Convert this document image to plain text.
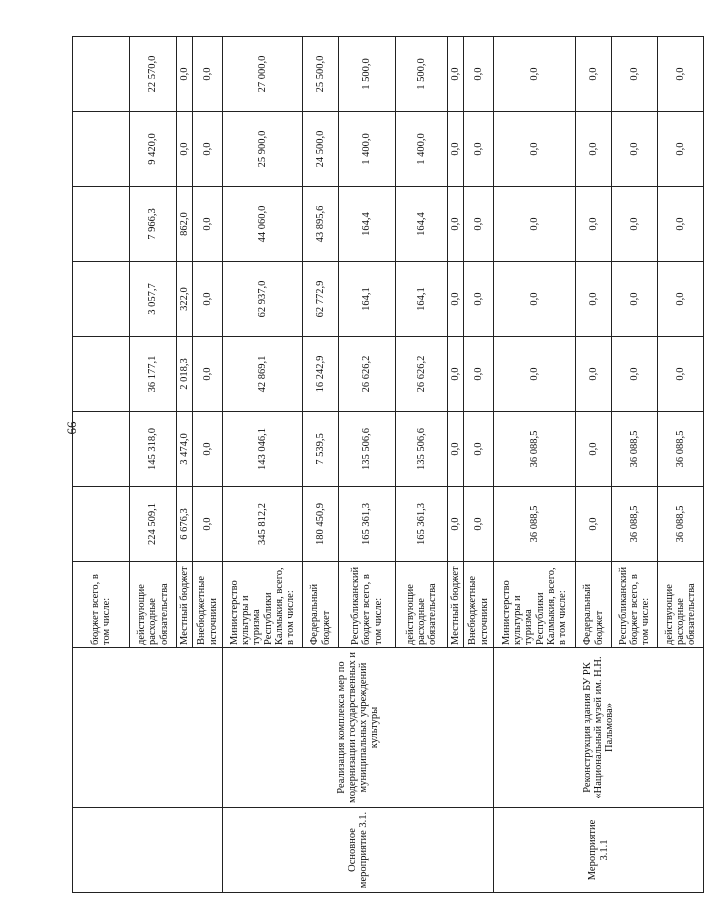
66

		бюджет всего, в том числе:							

		действующие расходные обязательства	224 509,1	145 318,0	36 177,1	3 057,7	7 966,3	9 420,0	22 570,0

		Местный бюджет	6 676,3	3 474,0	2 018,3	322,0	862,0	0,0	0,0

		Внебюджетные источники	0,0	0,0	0,0	0,0	0,0	0,0	0,0

Основное мероприятие 3.1.	Реализация комплекса мер по модернизации государственных и муниципальных учреждений культуры	Министерство культуры и туризма Республики Калмыкия, всего, в том числе:	345 812,2	143 046,1	42 869,1	62 937,0	44 060,0	25 900,0	27 000,0

		Федеральный бюджет	180 450,9	7 539,5	16 242,9	62 772,9	43 895,6	24 500,0	25 500,0

		Республиканский бюджет всего, в том числе:	165 361,3	135 506,6	26 626,2	164,1	164,4	1 400,0	1 500,0

		действующие расходные обязательства	165 361,3	135 506,6	26 626,2	164,1	164,4	1 400,0	1 500,0

		Местный бюджет	0,0	0,0	0,0	0,0	0,0	0,0	0,0

		Внебюджетные источники	0,0	0,0	0,0	0,0	0,0	0,0	0,0

Мероприятие 3.1.1	Реконструкция здания БУ РК «Национальный музей им. Н.Н. Пальмова»	Министерство культуры и туризма Республики Калмыкия, всего, в том числе:	36 088,5	36 088,5	0,0	0,0	0,0	0,0	0,0

		Федеральный бюджет	0,0	0,0	0,0	0,0	0,0	0,0	0,0

		Республиканский бюджет всего, в том числе:	36 088,5	36 088,5	0,0	0,0	0,0	0,0	0,0

		действующие расходные обязательства	36 088,5	36 088,5	0,0	0,0	0,0	0,0	0,0
